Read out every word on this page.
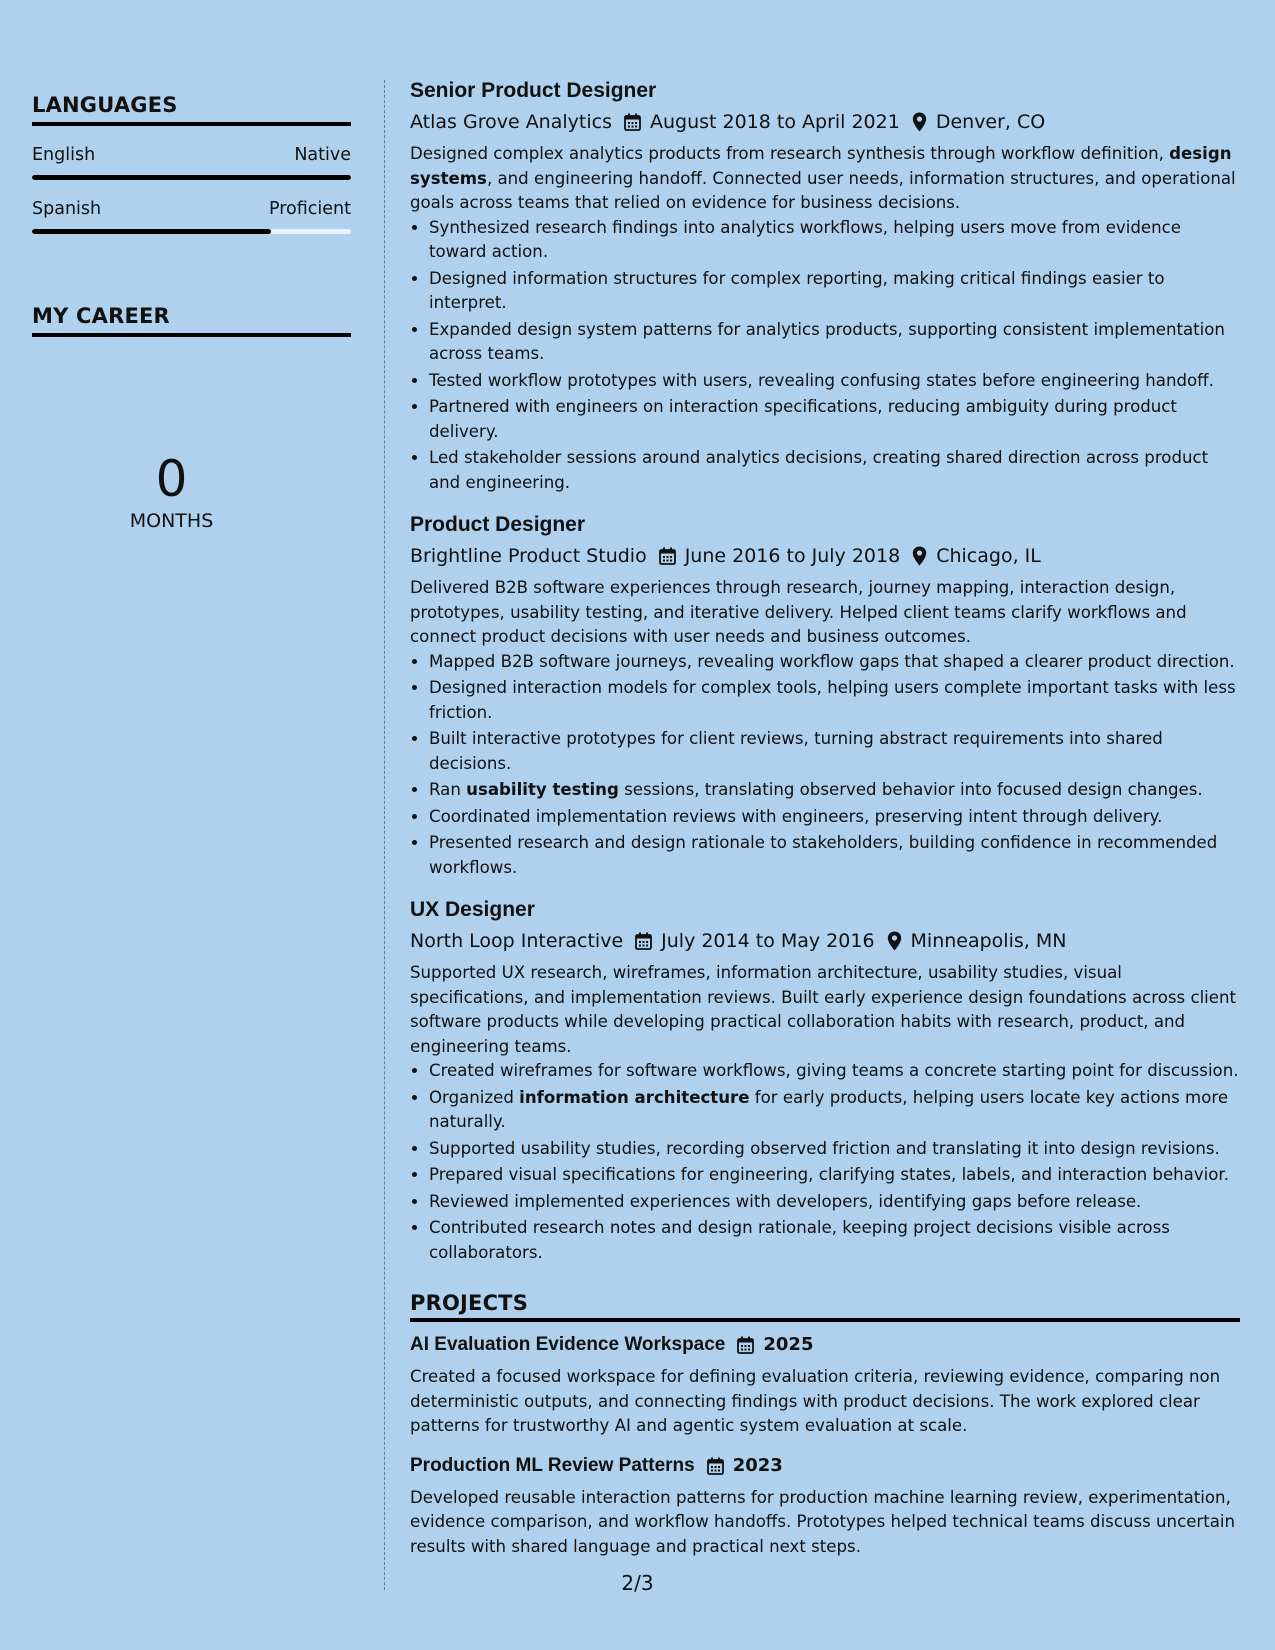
LANGUAGES
English	Native
Spanish	Proficient
MY CAREER
0
MONTHS
Senior Product Designer
Atlas Grove Analytics August 2018 to April 2021 Denver, CO
Designed complex analytics products from research synthesis through workflow definition, design systems, and engineering handoff. Connected user needs, information structures, and operational goals across teams that relied on evidence for business decisions.
• Synthesized research findings into analytics workflows, helping users move from evidence toward action.
• Designed information structures for complex reporting, making critical findings easier to interpret.
• Expanded design system patterns for analytics products, supporting consistent implementation across teams.
• Tested workflow prototypes with users, revealing confusing states before engineering handoff.
• Partnered with engineers on interaction specifications, reducing ambiguity during product delivery.
• Led stakeholder sessions around analytics decisions, creating shared direction across product and engineering.
Product Designer
Brightline Product Studio June 2016 to July 2018 Chicago, IL
Delivered B2B software experiences through research, journey mapping, interaction design, prototypes, usability testing, and iterative delivery. Helped client teams clarify workflows and connect product decisions with user needs and business outcomes.
• Mapped B2B software journeys, revealing workflow gaps that shaped a clearer product direction.
• Designed interaction models for complex tools, helping users complete important tasks with less friction.
• Built interactive prototypes for client reviews, turning abstract requirements into shared decisions.
• Ran usability testing sessions, translating observed behavior into focused design changes.
• Coordinated implementation reviews with engineers, preserving intent through delivery.
• Presented research and design rationale to stakeholders, building confidence in recommended workflows.
UX Designer
North Loop Interactive July 2014 to May 2016 Minneapolis, MN
Supported UX research, wireframes, information architecture, usability studies, visual specifications, and implementation reviews. Built early experience design foundations across client software products while developing practical collaboration habits with research, product, and engineering teams.
• Created wireframes for software workflows, giving teams a concrete starting point for discussion.
• Organized information architecture for early products, helping users locate key actions more naturally.
• Supported usability studies, recording observed friction and translating it into design revisions.
• Prepared visual specifications for engineering, clarifying states, labels, and interaction behavior.
• Reviewed implemented experiences with developers, identifying gaps before release.
• Contributed research notes and design rationale, keeping project decisions visible across collaborators.
PROJECTS
AI Evaluation Evidence Workspace 2025
Created a focused workspace for defining evaluation criteria, reviewing evidence, comparing non deterministic outputs, and connecting findings with product decisions. The work explored clear patterns for trustworthy AI and agentic system evaluation at scale.
Production ML Review Patterns 2023
Developed reusable interaction patterns for production machine learning review, experimentation, evidence comparison, and workflow handoffs. Prototypes helped technical teams discuss uncertain results with shared language and practical next steps.
2/3
